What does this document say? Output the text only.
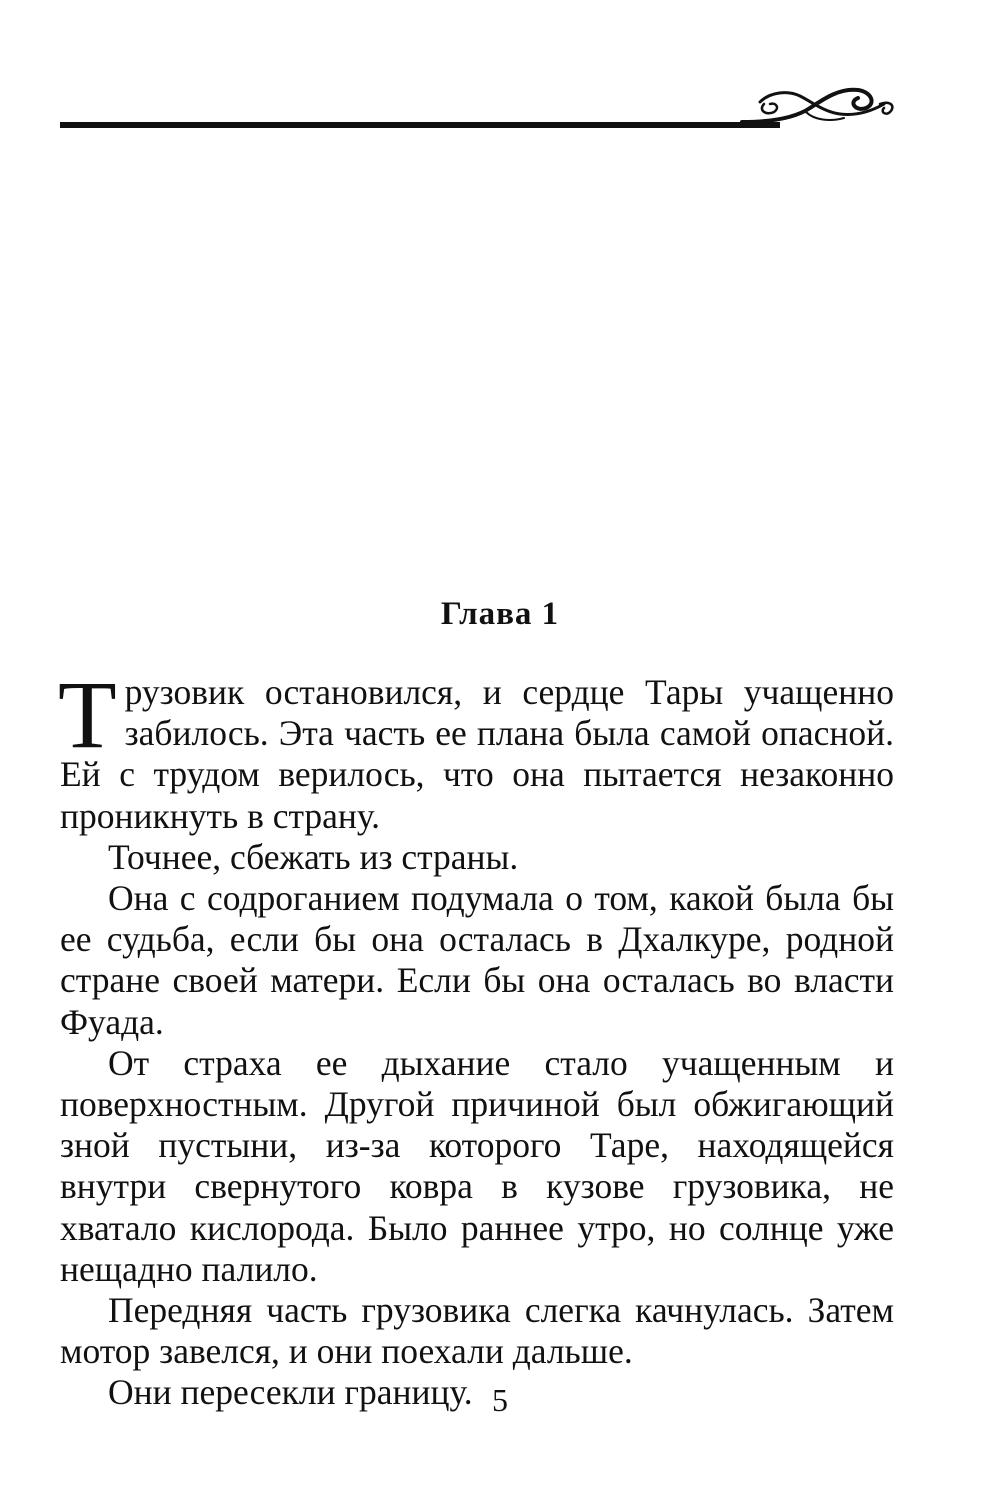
Глава 1

Трузовик остановился, и сердце Тары учащенно забилось. Эта часть ее плана была самой опасной. Ей с трудом верилось, что она пытается незаконно проникнуть в страну.

Точнее, сбежать из страны.

Она с содроганием подумала о том, какой была бы ее судьба, если бы она осталась в Дхалкуре, родной стране своей матери. Если бы она осталась во власти Фуада.

От страха ее дыхание стало учащенным и поверхностным. Другой причиной был обжигающий зной пустыни, из-за которого Таре, находящейся внутри свернутого ковра в кузове грузовика, не хватало кислорода. Было раннее утро, но солнце уже нещадно палило.

Передняя часть грузовика слегка качнулась. Затем мотор завелся, и они поехали дальше.

Они пересекли границу. 5
